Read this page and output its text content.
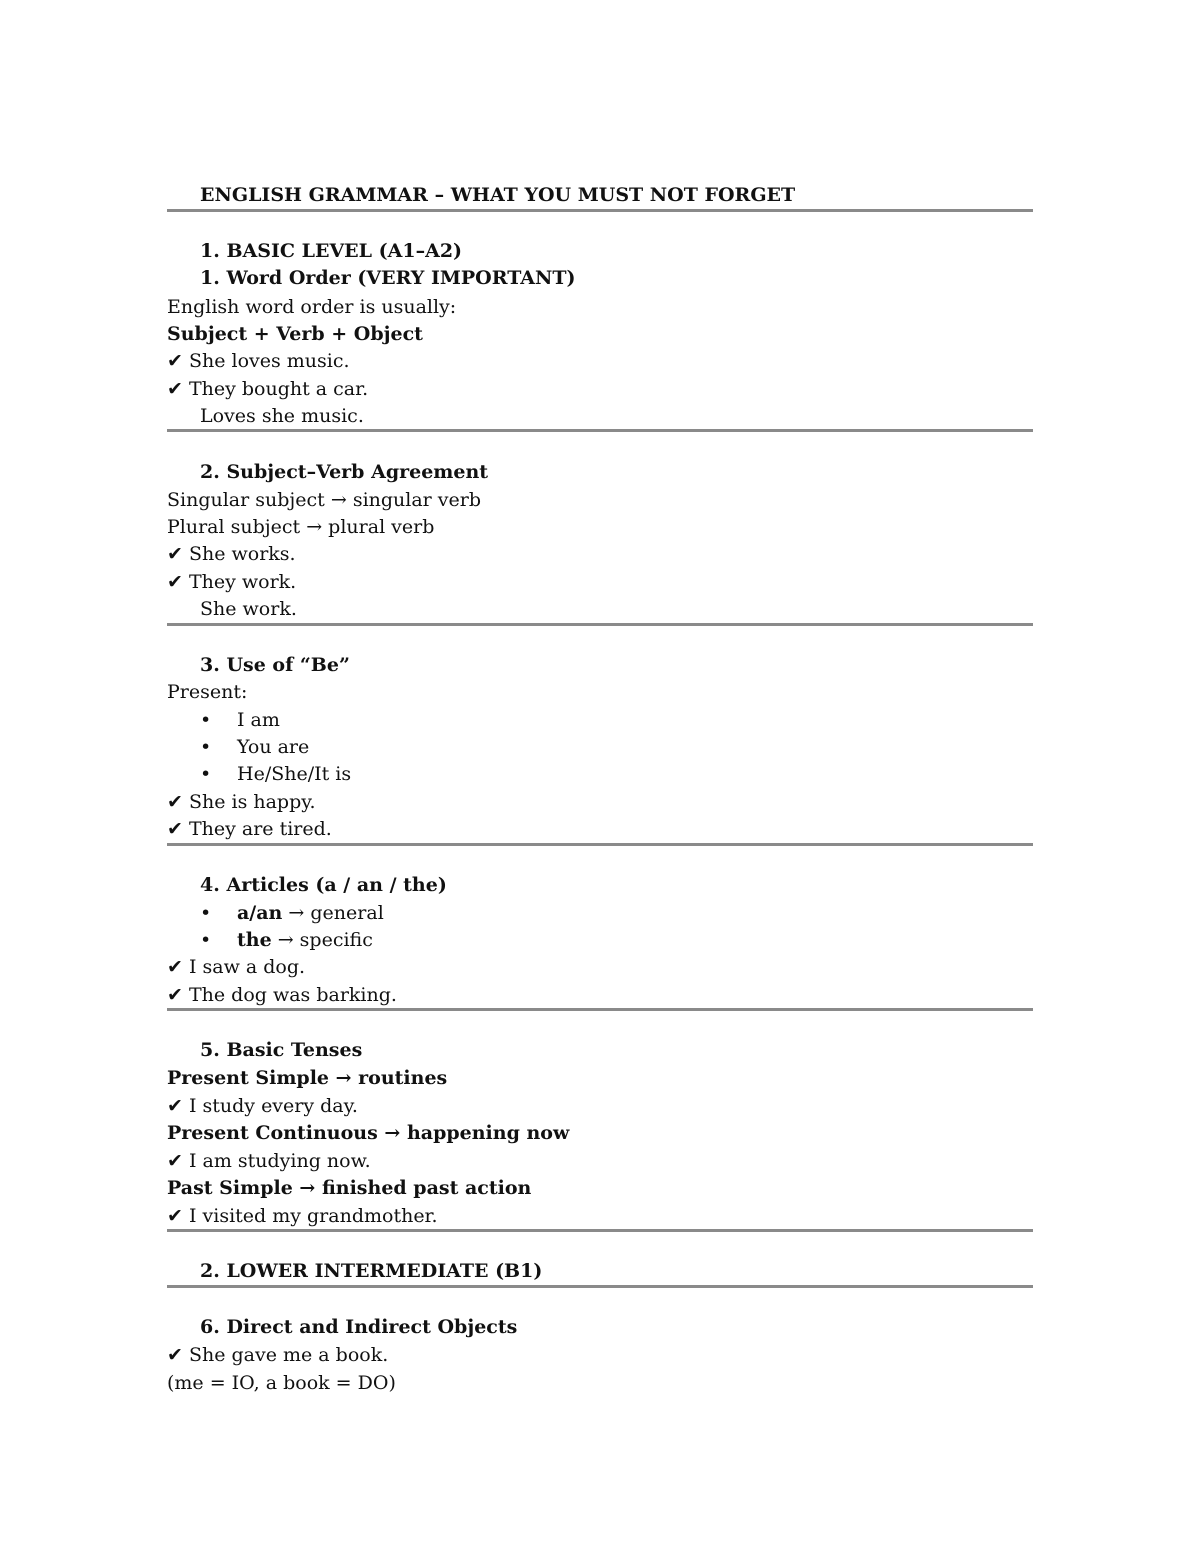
ENGLISH GRAMMAR – WHAT YOU MUST NOT FORGET
1. BASIC LEVEL (A1–A2)
1. Word Order (VERY IMPORTANT)
English word order is usually:
Subject + Verb + Object
✔ She loves music.
✔ They bought a car.
Loves she music.
2. Subject–Verb Agreement
Singular subject → singular verb
Plural subject → plural verb
✔ She works.
✔ They work.
She work.
3. Use of “Be”
Present:
•	I am
•	You are
•	He/She/It is
✔ She is happy.
✔ They are tired.
4. Articles (a / an / the)
•	a/an → general
•	the → specific
✔ I saw a dog.
✔ The dog was barking.
5. Basic Tenses
Present Simple → routines
✔ I study every day.
Present Continuous → happening now
✔ I am studying now.
Past Simple → finished past action
✔ I visited my grandmother.
2. LOWER INTERMEDIATE (B1)
6. Direct and Indirect Objects
✔ She gave me a book.
(me = IO, a book = DO)
